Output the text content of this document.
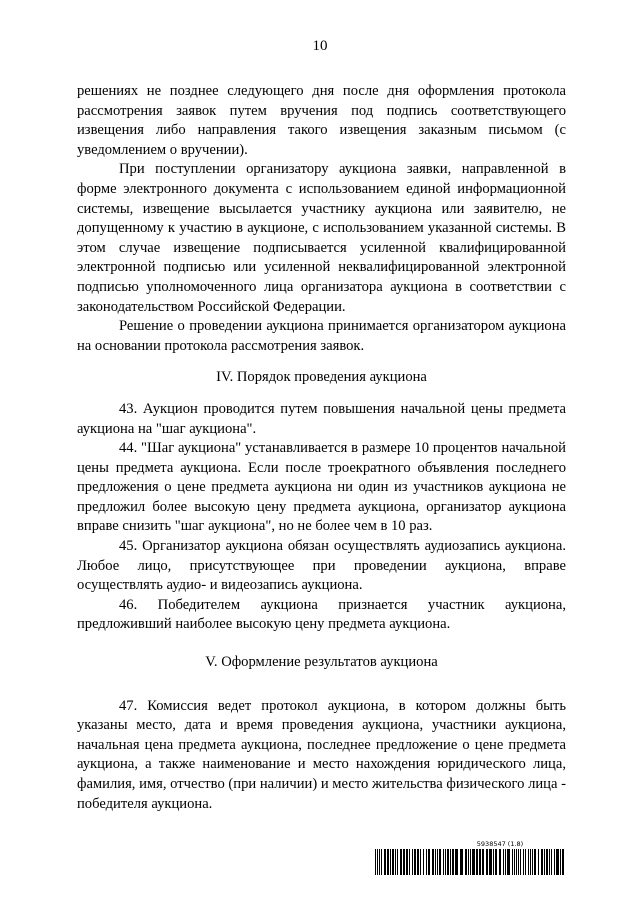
10

решениях не позднее следующего дня после дня оформления протокола рассмотрения заявок путем вручения под подпись соответствующего извещения либо направления такого извещения заказным письмом (с уведомлением о вручении).

При поступлении организатору аукциона заявки, направленной в форме электронного документа с использованием единой информационной системы, извещение высылается участнику аукциона или заявителю, не допущенному к участию в аукционе, с использованием указанной системы. В этом случае извещение подписывается усиленной квалифицированной электронной подписью или усиленной неквалифицированной электронной подписью уполномоченного лица организатора аукциона в соответствии с законодательством Российской Федерации.

Решение о проведении аукциона принимается организатором аукциона на основании протокола рассмотрения заявок.

IV. Порядок проведения аукциона

43. Аукцион проводится путем повышения начальной цены предмета аукциона на "шаг аукциона".

44. "Шаг аукциона" устанавливается в размере 10 процентов начальной цены предмета аукциона. Если после троекратного объявления последнего предложения о цене предмета аукциона ни один из участников аукциона не предложил более высокую цену предмета аукциона, организатор аукциона вправе снизить "шаг аукциона", но не более чем в 10 раз.

45. Организатор аукциона обязан осуществлять аудиозапись аукциона. Любое лицо, присутствующее при проведении аукциона, вправе осуществлять аудио- и видеозапись аукциона.

46. Победителем аукциона признается участник аукциона, предложивший наиболее высокую цену предмета аукциона.

V. Оформление результатов аукциона

47. Комиссия ведет протокол аукциона, в котором должны быть указаны место, дата и время проведения аукциона, участники аукциона, начальная цена предмета аукциона, последнее предложение о цене предмета аукциона, а также наименование и место нахождения юридического лица, фамилия, имя, отчество (при наличии) и место жительства физического лица - победителя аукциона.

5938547 (1.8)
